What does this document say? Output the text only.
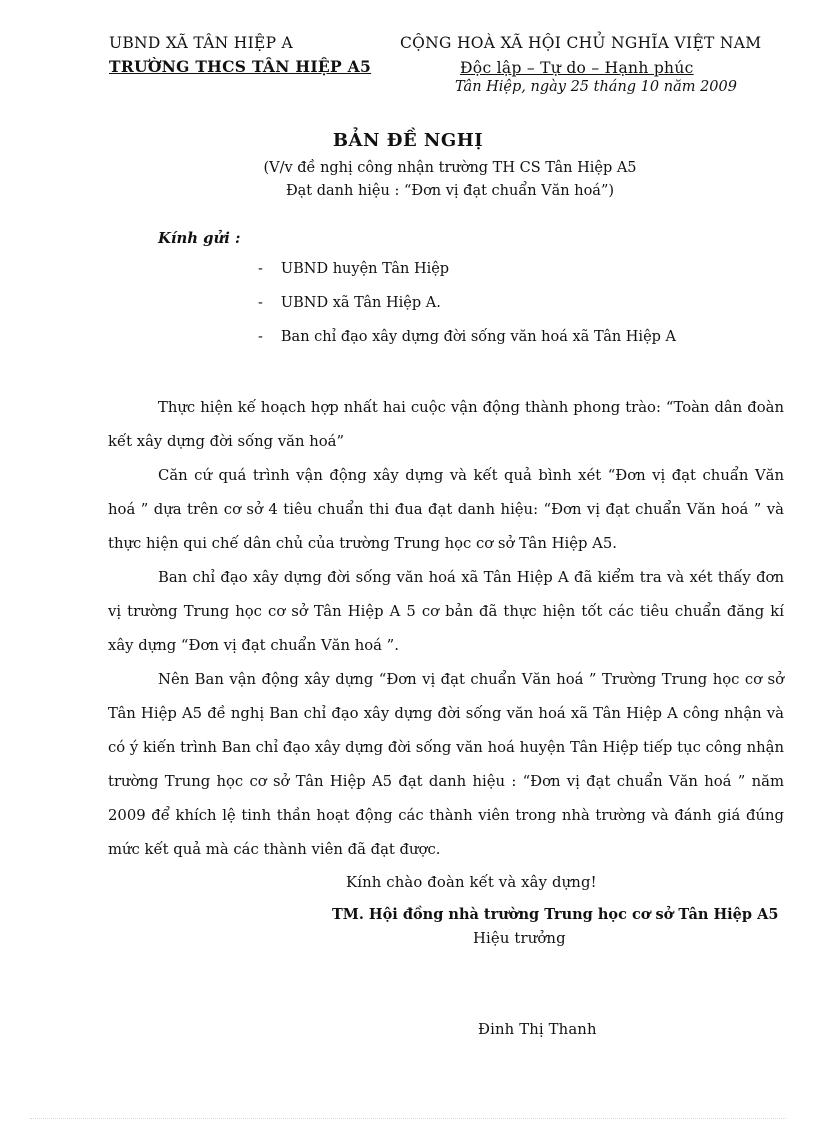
UBND XÃ TÂN HIỆP A
TRƯỜNG THCS TÂN HIỆP A5
CỘNG HOÀ XÃ HỘI CHỦ NGHĨA VIỆT NAM
Độc lập – Tự do – Hạnh phúc
Tân Hiệp, ngày 25 tháng 10 năm 2009
BẢN ĐỀ NGHỊ
(V/v đề nghị công nhận trường TH CS Tân Hiệp A5
Đạt danh hiệu : “Đơn vị đạt chuẩn Văn hoá”)
Kính gửi :
- UBND huyện Tân Hiệp
- UBND xã Tân Hiệp A.
- Ban chỉ đạo xây dựng đời sống văn hoá xã Tân Hiệp A

Thực hiện kế hoạch hợp nhất hai cuộc vận động thành phong trào: “Toàn dân đoàn kết xây dựng đời sống văn hoá”

Căn cứ quá trình vận động xây dựng và kết quả bình xét “Đơn vị đạt chuẩn Văn hoá ” dựa trên cơ sở 4 tiêu chuẩn thi đua đạt danh hiệu: “Đơn vị đạt chuẩn Văn hoá ” và thực hiện qui chế dân chủ của trường Trung học cơ sở Tân Hiệp A5.

Ban chỉ đạo xây dựng đời sống văn hoá xã Tân Hiệp A đã kiểm tra và xét thấy đơn vị trường Trung học cơ sở Tân Hiệp A 5 cơ bản đã thực hiện tốt các tiêu chuẩn đăng kí xây dựng “Đơn vị đạt chuẩn Văn hoá ”.

Nên Ban vận động xây dựng “Đơn vị đạt chuẩn Văn hoá ” Trường Trung học cơ sở Tân Hiệp A5 đề nghị Ban chỉ đạo xây dựng đời sống văn hoá xã Tân Hiệp A công nhận và có ý kiến trình Ban chỉ đạo xây dựng đời sống văn hoá huyện Tân Hiệp tiếp tục công nhận trường Trung học cơ sở Tân Hiệp A5 đạt danh hiệu : “Đơn vị đạt chuẩn Văn hoá ” năm 2009 để khích lệ tinh thần hoạt động các thành viên trong nhà trường và đánh giá đúng mức kết quả mà các thành viên đã đạt được.

Kính chào đoàn kết và xây dựng!
TM. Hội đồng nhà trường Trung học cơ sở Tân Hiệp A5
Hiệu trưởng
Đinh Thị Thanh
